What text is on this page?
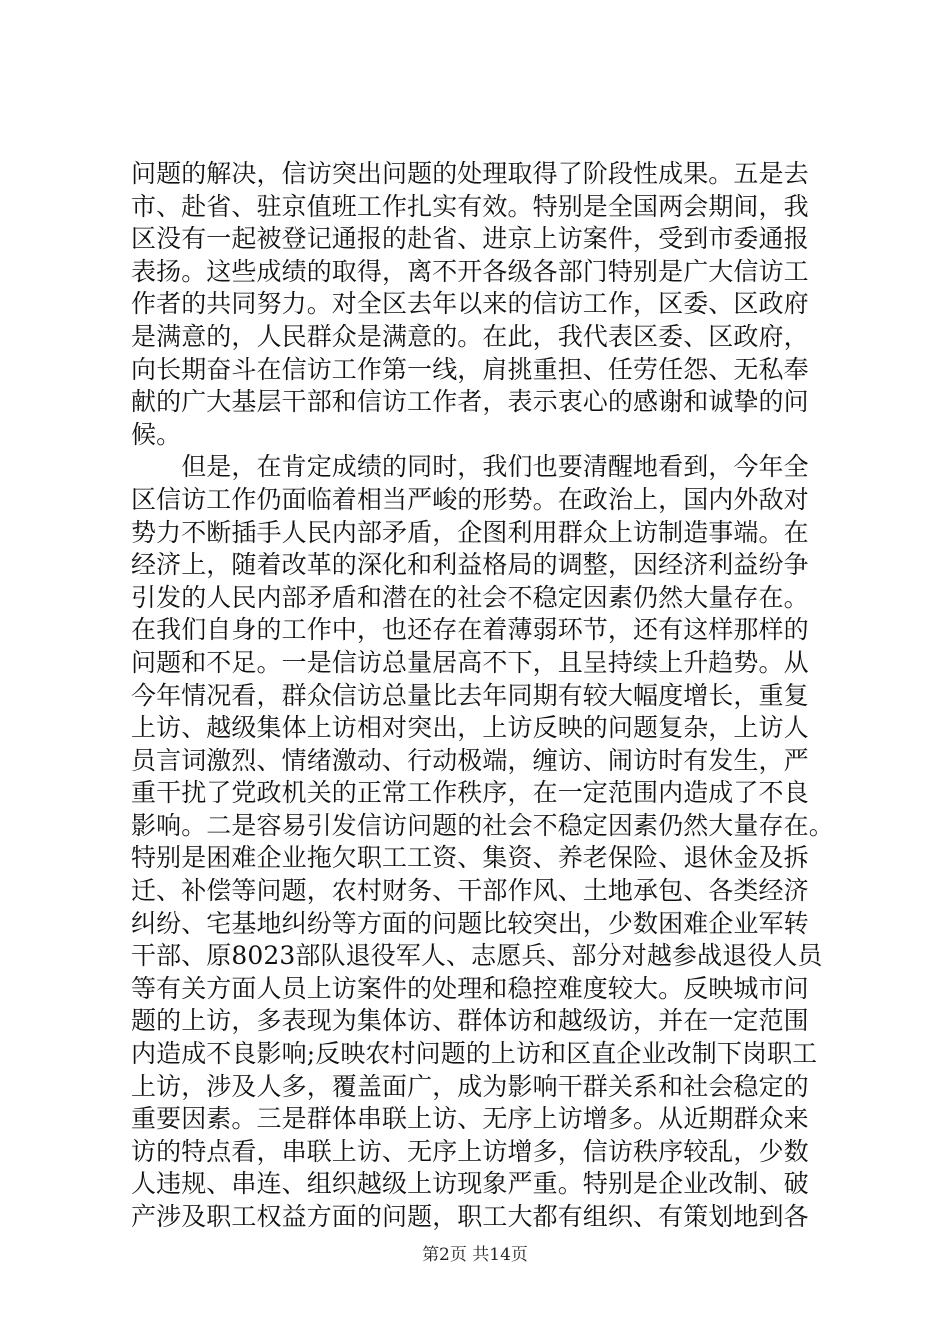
问题的解决，信访突出问题的处理取得了阶段性成果。五是去
市、赴省、驻京值班工作扎实有效。特别是全国两会期间，我
区没有一起被登记通报的赴省、进京上访案件，受到市委通报
表扬。这些成绩的取得，离不开各级各部门特别是广大信访工
作者的共同努力。对全区去年以来的信访工作，区委、区政府
是满意的，人民群众是满意的。在此，我代表区委、区政府，
向长期奋斗在信访工作第一线，肩挑重担、任劳任怨、无私奉
献的广大基层干部和信访工作者，表示衷心的感谢和诚挚的问
候。
　　但是，在肯定成绩的同时，我们也要清醒地看到，今年全
区信访工作仍面临着相当严峻的形势。在政治上，国内外敌对
势力不断插手人民内部矛盾，企图利用群众上访制造事端。在
经济上，随着改革的深化和利益格局的调整，因经济利益纷争
引发的人民内部矛盾和潜在的社会不稳定因素仍然大量存在。
在我们自身的工作中，也还存在着薄弱环节，还有这样那样的
问题和不足。一是信访总量居高不下，且呈持续上升趋势。从
今年情况看，群众信访总量比去年同期有较大幅度增长，重复
上访、越级集体上访相对突出，上访反映的问题复杂，上访人
员言词激烈、情绪激动、行动极端，缠访、闹访时有发生，严
重干扰了党政机关的正常工作秩序，在一定范围内造成了不良
影响。二是容易引发信访问题的社会不稳定因素仍然大量存在。
特别是困难企业拖欠职工工资、集资、养老保险、退休金及拆
迁、补偿等问题，农村财务、干部作风、土地承包、各类经济
纠纷、宅基地纠纷等方面的问题比较突出，少数困难企业军转
干部、原8023部队退役军人、志愿兵、部分对越参战退役人员
等有关方面人员上访案件的处理和稳控难度较大。反映城市问
题的上访，多表现为集体访、群体访和越级访，并在一定范围
内造成不良影响;反映农村问题的上访和区直企业改制下岗职工
上访，涉及人多，覆盖面广，成为影响干群关系和社会稳定的
重要因素。三是群体串联上访、无序上访增多。从近期群众来
访的特点看，串联上访、无序上访增多，信访秩序较乱，少数
人违规、串连、组织越级上访现象严重。特别是企业改制、破
产涉及职工权益方面的问题，职工大都有组织、有策划地到各
第2页 共14页
